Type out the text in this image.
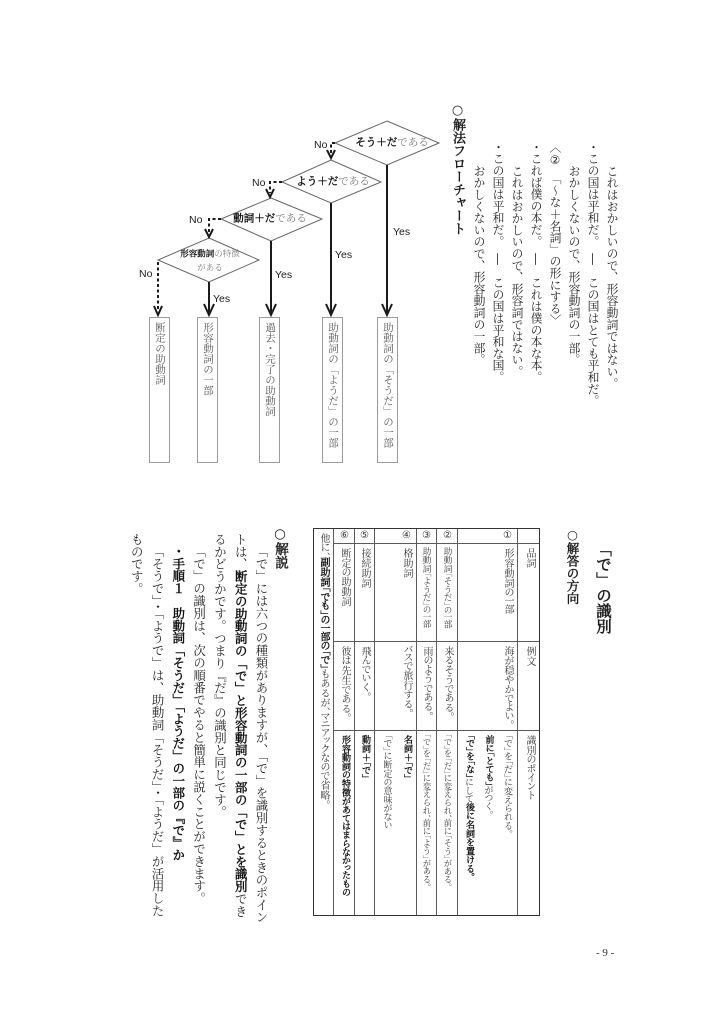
これはおかしいので、形容動詞ではない。
・この国は平和だ。　―　この国はとても平和だ。
おかしくないので、形容動詞の一部。
〈②　「～な＋名詞」の形にする〉
・これば僕の本だ。　―　これは僕の本な本。
これはおかしいので、形容詞ではない。
・この国は平和だ。　―　この国は平和な国。
おかしくないので、形容動詞の一部。
○解法フローチャート
No
No
No
No
Yes
Yes
Yes
Yes
そう＋だである
よう＋だである
動詞＋だである
形容動詞の特徴
がある
助動詞の「そうだ」の一部
助動詞の「ようだ」の一部
過去・完了の助動詞
形容動詞の一部
断定の助動詞
「で」の識別
○解答の方向
品詞
例文
識別のポイント
①
形容動詞の一部
海が穏やかでよい。
「で」を「だ」に変えられる。
前に「とても」がつく。
「で」を「な」にして後に名詞を置ける。
②
助動詞「そうだ」の一部
来るそうである。
「で」を「だ」に変えられ、前に「そう」がある。
③
助動詞「ようだ」の一部
雨のようである。
「で」を「だ」に変えられ、前に「よう」がある。
④
格助詞
バスで旅行する。
名詞＋「で」
「で」に断定の意味がない
⑤
接続助詞
飛んでいく。
動詞＋「で」
⑥
断定の助動詞
彼は先生である。
形容動詞の特徴があてはまらなかったもの
他に、副助詞「でも」の一部の「で」もあるが、マニアックなので省略。
○解説
「で」には六つの種類がありますが、「で」を識別するときのポイン
トは、断定の助動詞の「で」と形容動詞の一部の「で」とを識別でき
るかどうかです。つまり『だ』の識別と同じです。
「で」の識別は、次の順番でやると簡単に説くことができます。
・手順１　助動詞「そうだ」「ようだ」の一部の『で』か
「そうで」・「ようで」は、助動詞「そうだ」・「ようだ」が活用した
ものです。
- 9 -
